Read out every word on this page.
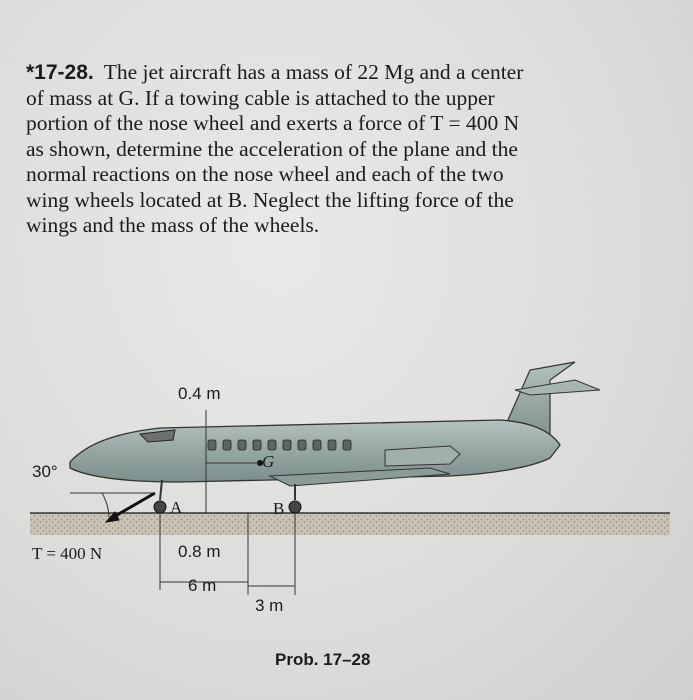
*17-28. The jet aircraft has a mass of 22 Mg and a center
of mass at G. If a towing cable is attached to the upper
portion of the nose wheel and exerts a force of T = 400 N
as shown, determine the acceleration of the plane and the
normal reactions on the nose wheel and each of the two
wing wheels located at B. Neglect the lifting force of the
wings and the mass of the wheels.
0.4 m
30°
G
A	B
T = 400 N	0.8 m
6 m
3 m
Prob. 17–28
